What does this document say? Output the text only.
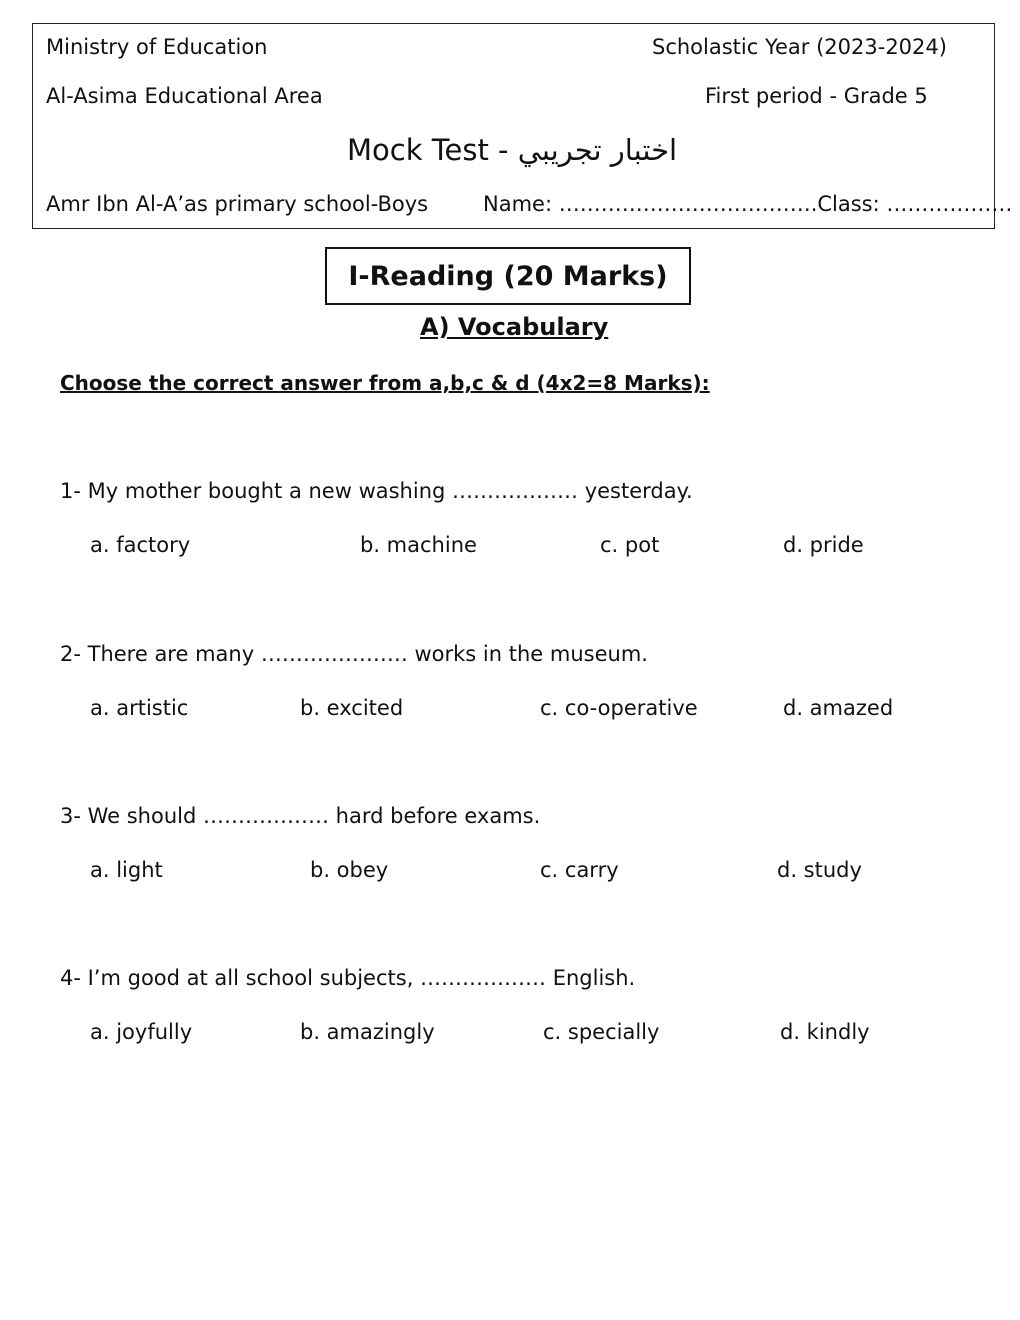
Ministry of Education	Scholastic Year (2023-2024)
Al-Asima Educational Area	First period - Grade 5
Mock Test - اختبار تجريبي
Amr Ibn Al-A’as primary school-Boys	Name: ……………………………….Class: ………………
I-Reading (20 Marks)
A) Vocabulary
Choose the correct answer from a,b,c & d (4x2=8 Marks):
1- My mother bought a new washing ……………… yesterday.
a. factory	b. machine	c. pot	d. pride
2- There are many ………………… works in the museum.
a. artistic	b. excited	c. co-operative	d. amazed
3- We should ……………… hard before exams.
a. light	b. obey	c. carry	d. study
4- I’m good at all school subjects, ……………… English.
a. joyfully	b. amazingly	c. specially	d. kindly
